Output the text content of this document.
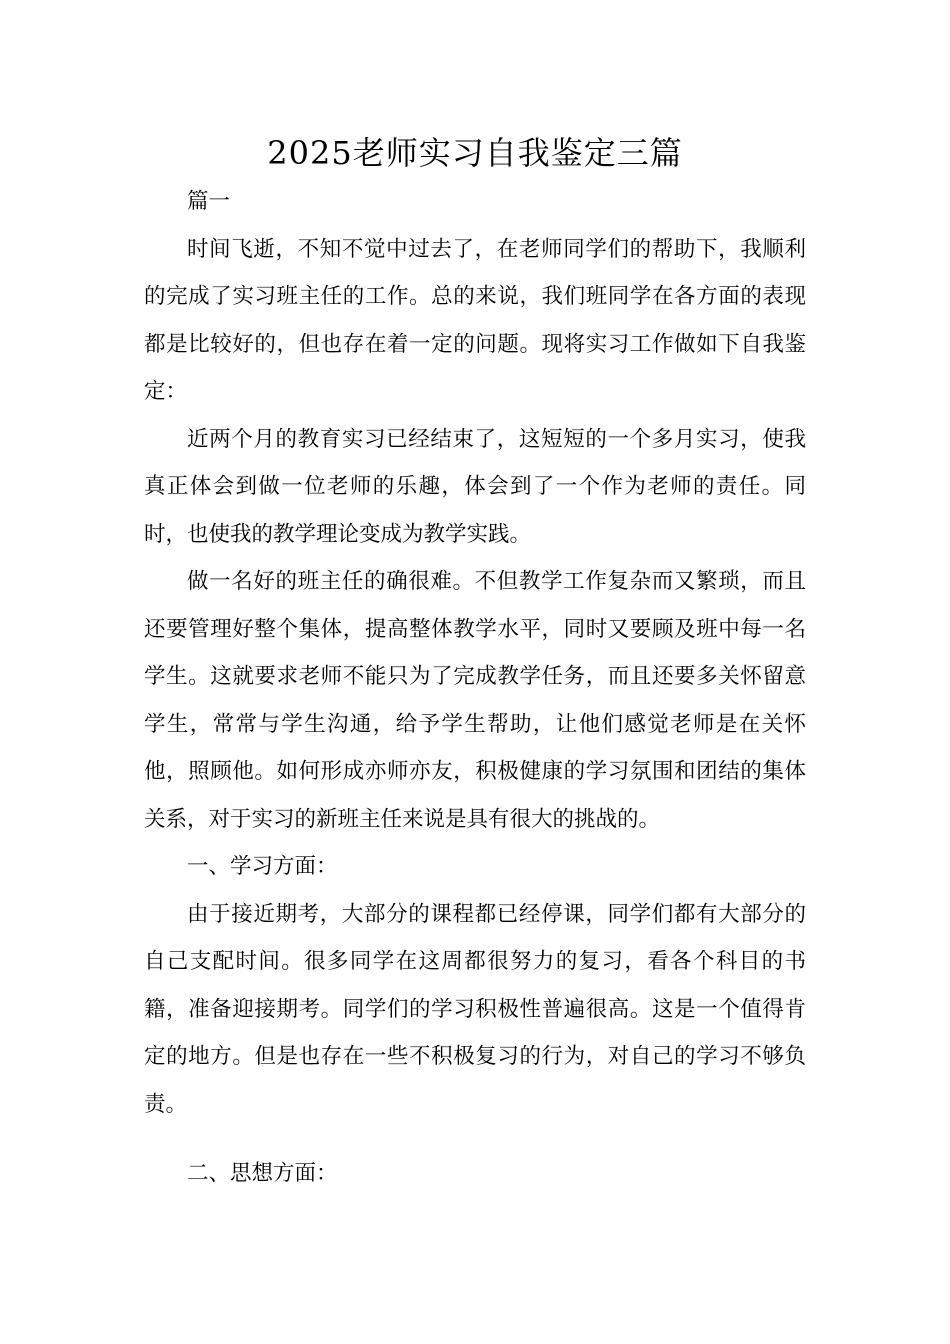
2025老师实习自我鉴定三篇

篇一

时间飞逝，不知不觉中过去了，在老师同学们的帮助下，我顺利的完成了实习班主任的工作。总的来说，我们班同学在各方面的表现都是比较好的，但也存在着一定的问题。现将实习工作做如下自我鉴定：

近两个月的教育实习已经结束了，这短短的一个多月实习，使我真正体会到做一位老师的乐趣，体会到了一个作为老师的责任。同时，也使我的教学理论变成为教学实践。

做一名好的班主任的确很难。不但教学工作复杂而又繁琐，而且还要管理好整个集体，提高整体教学水平，同时又要顾及班中每一名学生。这就要求老师不能只为了完成教学任务，而且还要多关怀留意学生，常常与学生沟通，给予学生帮助，让他们感觉老师是在关怀他，照顾他。如何形成亦师亦友，积极健康的学习氛围和团结的集体关系，对于实习的新班主任来说是具有很大的挑战的。

一、学习方面：

由于接近期考，大部分的课程都已经停课，同学们都有大部分的自己支配时间。很多同学在这周都很努力的复习，看各个科目的书籍，准备迎接期考。同学们的学习积极性普遍很高。这是一个值得肯定的地方。但是也存在一些不积极复习的行为，对自己的学习不够负责。

二、思想方面：
